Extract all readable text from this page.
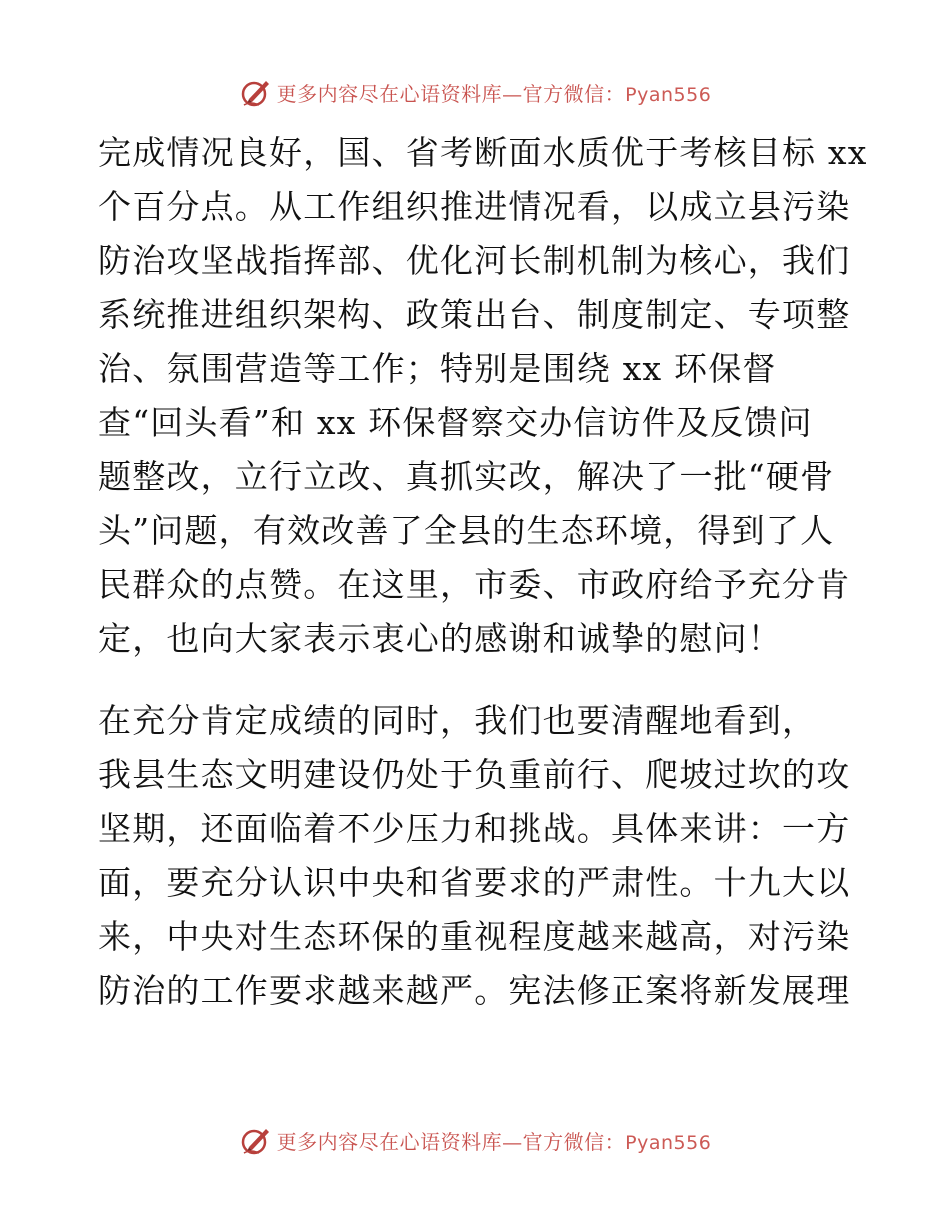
更多内容尽在心语资料库—官方微信：Pyan556
完成情况良好，国、省考断面水质优于考核目标 xx
个百分点。从工作组织推进情况看，以成立县污染
防治攻坚战指挥部、优化河长制机制为核心，我们
系统推进组织架构、政策出台、制度制定、专项整
治、氛围营造等工作；特别是围绕 xx 环保督
查“回头看”和 xx 环保督察交办信访件及反馈问
题整改，立行立改、真抓实改，解决了一批“硬骨
头”问题，有效改善了全县的生态环境，得到了人
民群众的点赞。在这里，市委、市政府给予充分肯
定，也向大家表示衷心的感谢和诚挚的慰问！
在充分肯定成绩的同时，我们也要清醒地看到，
我县生态文明建设仍处于负重前行、爬坡过坎的攻
坚期，还面临着不少压力和挑战。具体来讲：一方
面，要充分认识中央和省要求的严肃性。十九大以
来，中央对生态环保的重视程度越来越高，对污染
防治的工作要求越来越严。宪法修正案将新发展理
更多内容尽在心语资料库—官方微信：Pyan556
